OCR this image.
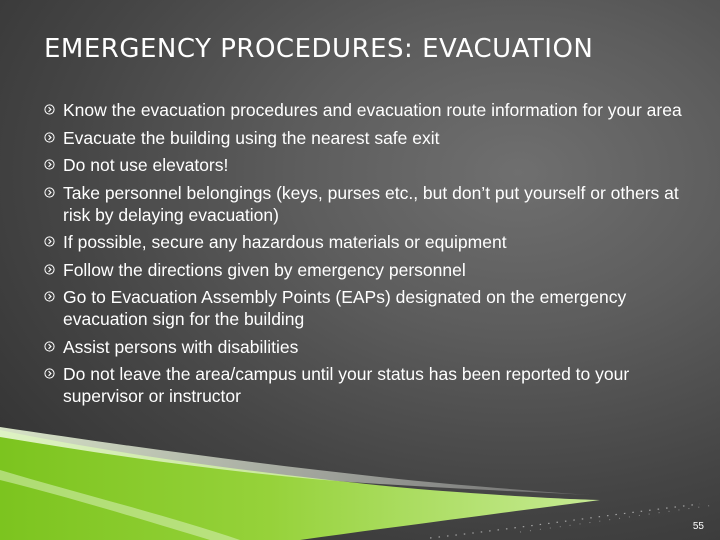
EMERGENCY PROCEDURES: EVACUATION
Know the evacuation procedures and evacuation route information for your area
Evacuate the building using the nearest safe exit
Do not use elevators!
Take personnel belongings (keys, purses etc., but don’t put yourself or others at risk by delaying evacuation)
If possible, secure any hazardous materials or equipment
Follow the directions given by emergency personnel
Go to Evacuation Assembly Points (EAPs) designated on the emergency evacuation sign for the building
Assist persons with disabilities
Do not leave the area/campus until your status has been reported to your supervisor or instructor
55
